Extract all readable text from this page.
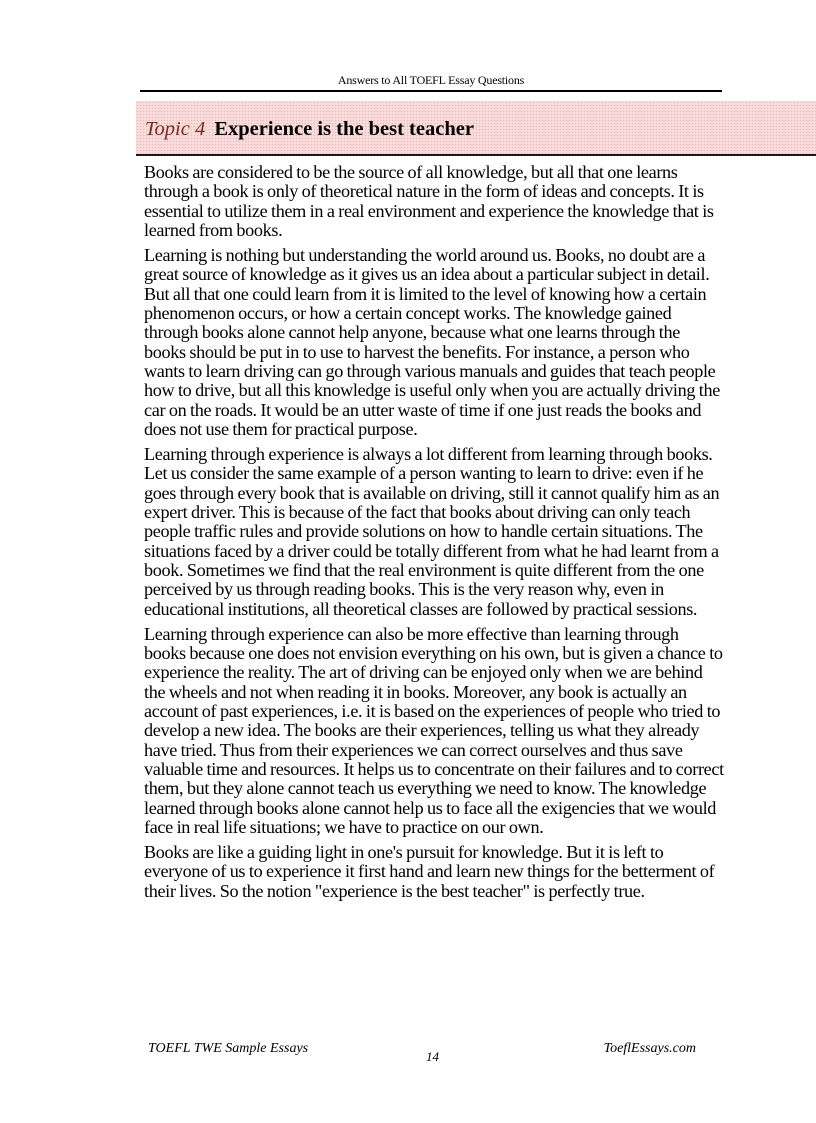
Answers to All TOEFL Essay Questions
Topic 4 Experience is the best teacher

Books are considered to be the source of all knowledge, but all that one learns through a book is only of theoretical nature in the form of ideas and concepts. It is essential to utilize them in a real environment and experience the knowledge that is learned from books.

Learning is nothing but understanding the world around us. Books, no doubt are a great source of knowledge as it gives us an idea about a particular subject in detail. But all that one could learn from it is limited to the level of knowing how a certain phenomenon occurs, or how a certain concept works. The knowledge gained through books alone cannot help anyone, because what one learns through the books should be put in to use to harvest the benefits. For instance, a person who wants to learn driving can go through various manuals and guides that teach people how to drive, but all this knowledge is useful only when you are actually driving the car on the roads. It would be an utter waste of time if one just reads the books and does not use them for practical purpose.

Learning through experience is always a lot different from learning through books. Let us consider the same example of a person wanting to learn to drive: even if he goes through every book that is available on driving, still it cannot qualify him as an expert driver. This is because of the fact that books about driving can only teach people traffic rules and provide solutions on how to handle certain situations. The situations faced by a driver could be totally different from what he had learnt from a book. Sometimes we find that the real environment is quite different from the one perceived by us through reading books. This is the very reason why, even in educational institutions, all theoretical classes are followed by practical sessions.

Learning through experience can also be more effective than learning through books because one does not envision everything on his own, but is given a chance to experience the reality. The art of driving can be enjoyed only when we are behind the wheels and not when reading it in books. Moreover, any book is actually an account of past experiences, i.e. it is based on the experiences of people who tried to develop a new idea. The books are their experiences, telling us what they already have tried. Thus from their experiences we can correct ourselves and thus save valuable time and resources. It helps us to concentrate on their failures and to correct them, but they alone cannot teach us everything we need to know. The knowledge learned through books alone cannot help us to face all the exigencies that we would face in real life situations; we have to practice on our own.

Books are like a guiding light in one's pursuit for knowledge. But it is left to everyone of us to experience it first hand and learn new things for the betterment of their lives. So the notion "experience is the best teacher" is perfectly true.

TOEFL TWE Sample Essays
14
ToeflEssays.com
